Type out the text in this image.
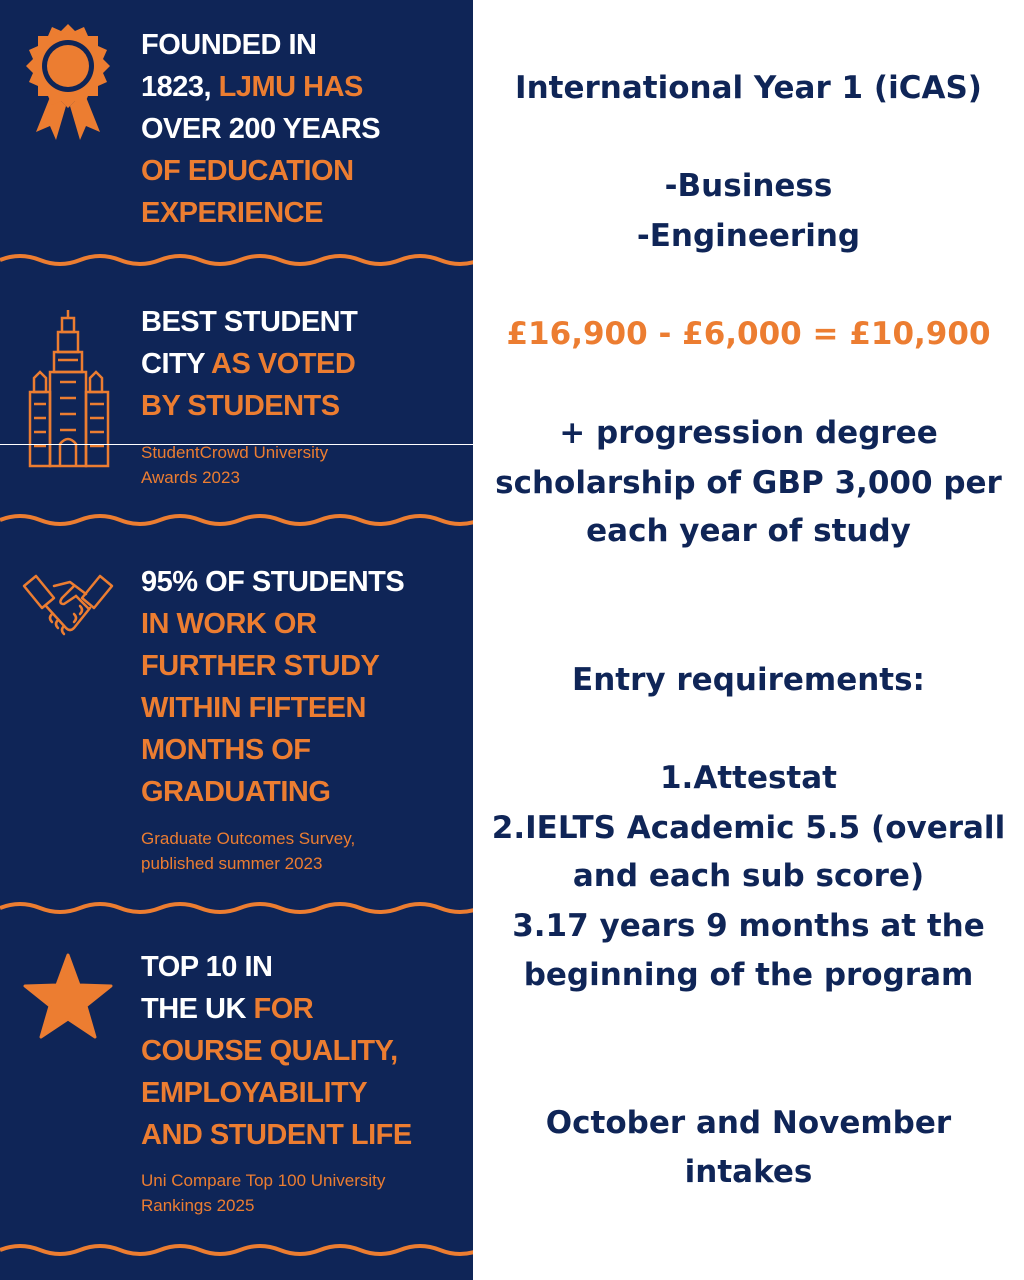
FOUNDED IN
1823, LJMU HAS
OVER 200 YEARS
OF EDUCATION
EXPERIENCE
BEST STUDENT
CITY AS VOTED
BY STUDENTS
StudentCrowd University
Awards 2023
95% OF STUDENTS
IN WORK OR
FURTHER STUDY
WITHIN FIFTEEN
MONTHS OF
GRADUATING
Graduate Outcomes Survey,
published summer 2023
TOP 10 IN
THE UK FOR
COURSE QUALITY,
EMPLOYABILITY
AND STUDENT LIFE
Uni Compare Top 100 University
Rankings 2025
International Year 1 (iCAS)
-Business
-Engineering
£16,900 - £6,000 = £10,900
+ progression degree
scholarship of GBP 3,000 per
each year of study
Entry requirements:
1.Attestat
2.IELTS Academic 5.5 (overall
and each sub score)
3.17 years 9 months at the
beginning of the program
October and November
intakes
